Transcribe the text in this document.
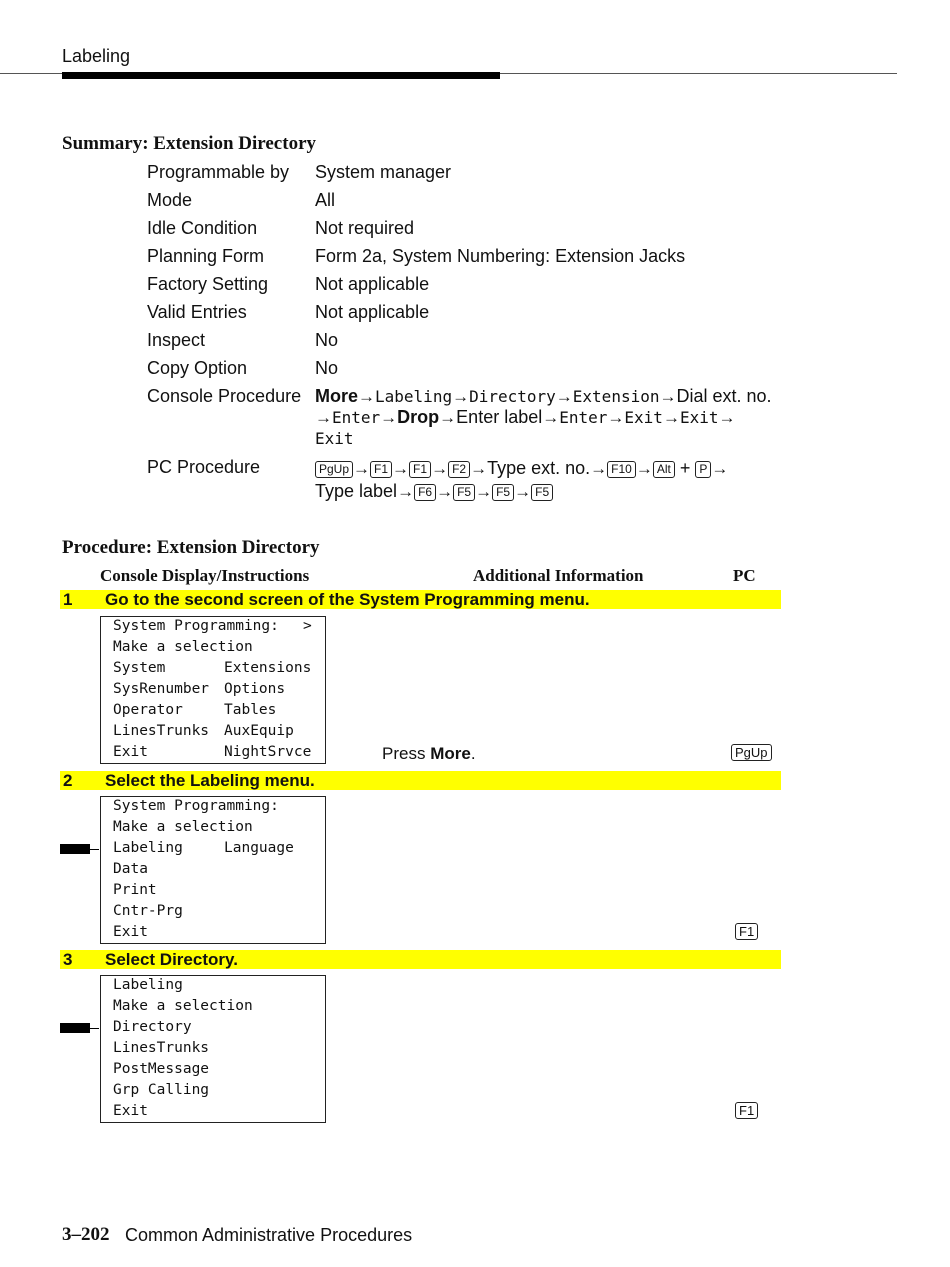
Labeling
Summary: Extension Directory
Programmable by System manager
Mode	All
Idle Condition	Not required
Planning Form	Form 2a, System Numbering: Extension Jacks
Factory Setting	Not applicable
Valid Entries	Not applicable
Inspect	No
Copy Option	No
Console Procedure More→Labeling→Directory→Extension→Dial ext. no.
→Enter→Drop→Enter label→Enter→Exit→Exit→
Exit
PC Procedure	PgUp → F1 → F1 → F2 →Type ext. no.→ F10 → Alt + P →
Type label→ F6 → F5 → F5 → F5
Procedure: Extension Directory
Console Display/Instructions	Additional Information	PC
1 Go to the second screen of the System Programming menu.
System Programming: >
Make a selection
System	Extensions
SysRenumber Options
Operator	Tables
LinesTrunks AuxEquip
Exit	NightSrvce	Press More.	PgUp
2 Select the Labeling menu.
System Programming:
Make a selection
Labeling	Language
Data
Print
Cntr-Prg
Exit	F1
3 Select Directory.
Labeling
Make a selection
Directory
LinesTrunks
PostMessage
Grp Calling
Exit	F1
3–202 Common Administrative Procedures
